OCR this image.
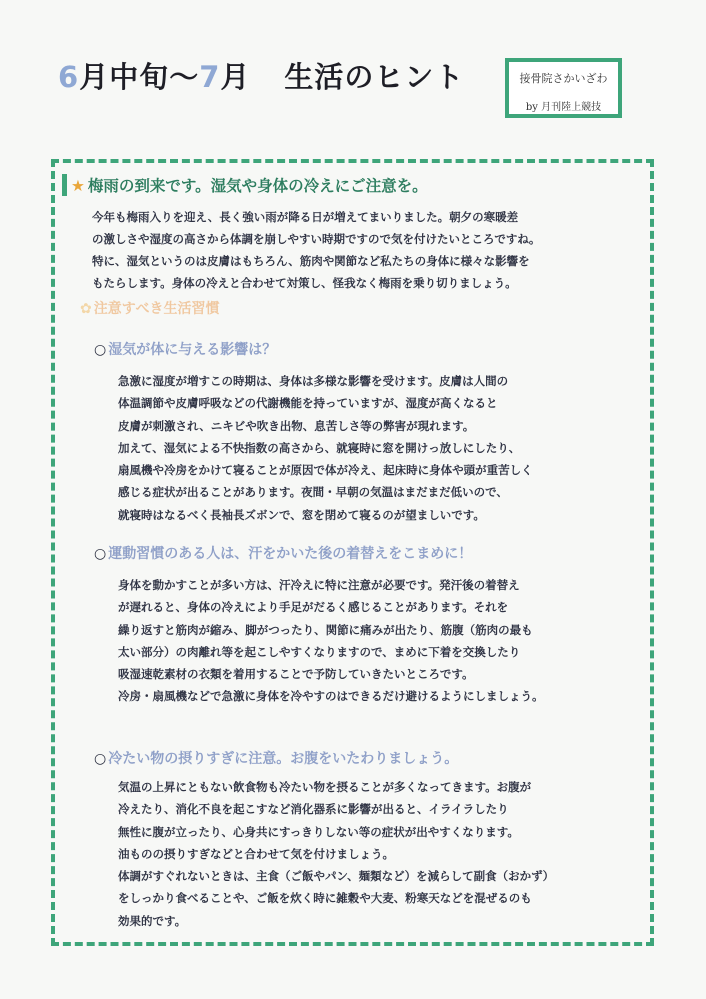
6月中旬～7月 生活のヒント	接骨院さかいざわ
by 月刊陸上競技
★ 梅雨の到来です。湿気や身体の冷えにご注意を。

今年も梅雨入りを迎え、長く強い雨が降る日が増えてまいりました。朝夕の寒暖差

の激しさや湿度の高さから体調を崩しやすい時期ですので気を付けたいところですね。

特に、湿気というのは皮膚はもちろん、筋肉や関節など私たちの身体に様々な影響を

もたらします。身体の冷えと合わせて対策し、怪我なく梅雨を乗り切りましょう。

✿ 注意すべき生活習慣
○ 湿気が体に与える影響は？

急激に湿度が増すこの時期は、身体は多様な影響を受けます。皮膚は人間の

体温調節や皮膚呼吸などの代謝機能を持っていますが、湿度が高くなると

皮膚が刺激され、ニキビや吹き出物、息苦しさ等の弊害が現れます。

加えて、湿気による不快指数の高さから、就寝時に窓を開けっ放しにしたり、

扇風機や冷房をかけて寝ることが原因で体が冷え、起床時に身体や頭が重苦しく

感じる症状が出ることがあります。夜間・早朝の気温はまだまだ低いので、

就寝時はなるべく長袖長ズボンで、窓を閉めて寝るのが望ましいです。

○ 運動習慣のある人は、汗をかいた後の着替えをこまめに！

身体を動かすことが多い方は、汗冷えに特に注意が必要です。発汗後の着替え

が遅れると、身体の冷えにより手足がだるく感じることがあります。それを

繰り返すと筋肉が縮み、脚がつったり、関節に痛みが出たり、筋腹（筋肉の最も

太い部分）の肉離れ等を起こしやすくなりますので、まめに下着を交換したり

吸湿速乾素材の衣類を着用することで予防していきたいところです。

冷房・扇風機などで急激に身体を冷やすのはできるだけ避けるようにしましょう。

○ 冷たい物の摂りすぎに注意。お腹をいたわりましょう。

気温の上昇にともない飲食物も冷たい物を摂ることが多くなってきます。お腹が

冷えたり、消化不良を起こすなど消化器系に影響が出ると、イライラしたり

無性に腹が立ったり、心身共にすっきりしない等の症状が出やすくなります。

油ものの摂りすぎなどと合わせて気を付けましょう。

体調がすぐれないときは、主食（ご飯やパン、麺類など）を減らして副食（おかず）

をしっかり食べることや、ご飯を炊く時に雑穀や大麦、粉寒天などを混ぜるのも

効果的です。
